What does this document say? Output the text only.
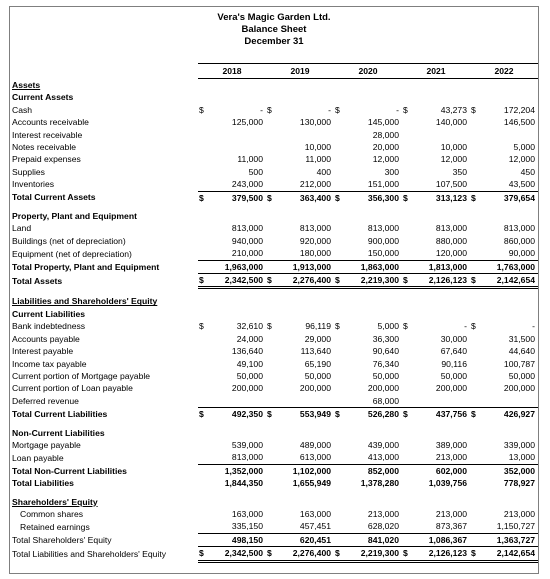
Vera's Magic Garden Ltd.
Balance Sheet
December 31
	2018		2019		2020		2021		2022	
Assets										
Current Assets										
Cash	$	-	$	-	$	-	$	43,273	$	172,204
Accounts receivable		125,000		130,000		145,000		140,000		146,500
Interest receivable						28,000				
Notes receivable				10,000		20,000		10,000		5,000
Prepaid expenses		11,000		11,000		12,000		12,000		12,000
Supplies		500		400		300		350		450
Inventories		243,000		212,000		151,000		107,500		43,500
Total Current Assets	$	379,500	$	363,400	$	356,300	$	313,123	$	379,654

Property, Plant and Equipment										
Land		813,000		813,000		813,000		813,000		813,000
Buildings (net of depreciation)		940,000		920,000		900,000		880,000		860,000
Equipment (net of depreciation)		210,000		180,000		150,000		120,000		90,000
Total Property, Plant and Equipment		1,963,000		1,913,000		1,863,000		1,813,000		1,763,000
Total Assets	$	2,342,500	$	2,276,400	$	2,219,300	$	2,126,123	$	2,142,654

Liabilities and Shareholders' Equity										
Current Liabilities										
Bank indebtedness	$	32,610	$	96,119	$	5,000	$	-	$	-
Accounts payable		24,000		29,000		36,300		30,000		31,500
Interest payable		136,640		113,640		90,640		67,640		44,640
Income tax payable		49,100		65,190		76,340		90,116		100,787
Current portion of Mortgage payable		50,000		50,000		50,000		50,000		50,000
Current portion of Loan payable		200,000		200,000		200,000		200,000		200,000
Deferred revenue						68,000				
Total Current Liabilities	$	492,350	$	553,949	$	526,280	$	437,756	$	426,927

Non-Current Liabilities										
Mortgage payable		539,000		489,000		439,000		389,000		339,000
Loan payable		813,000		613,000		413,000		213,000		13,000
Total Non-Current Liabilities		1,352,000		1,102,000		852,000		602,000		352,000
Total Liabilities		1,844,350		1,655,949		1,378,280		1,039,756		778,927

Shareholders' Equity										
Common shares		163,000		163,000		213,000		213,000		213,000
Retained earnings		335,150		457,451		628,020		873,367		1,150,727
Total Shareholders' Equity		498,150		620,451		841,020		1,086,367		1,363,727
Total Liabilities and Shareholders' Equity	$	2,342,500	$	2,276,400	$	2,219,300	$	2,126,123	$	2,142,654
